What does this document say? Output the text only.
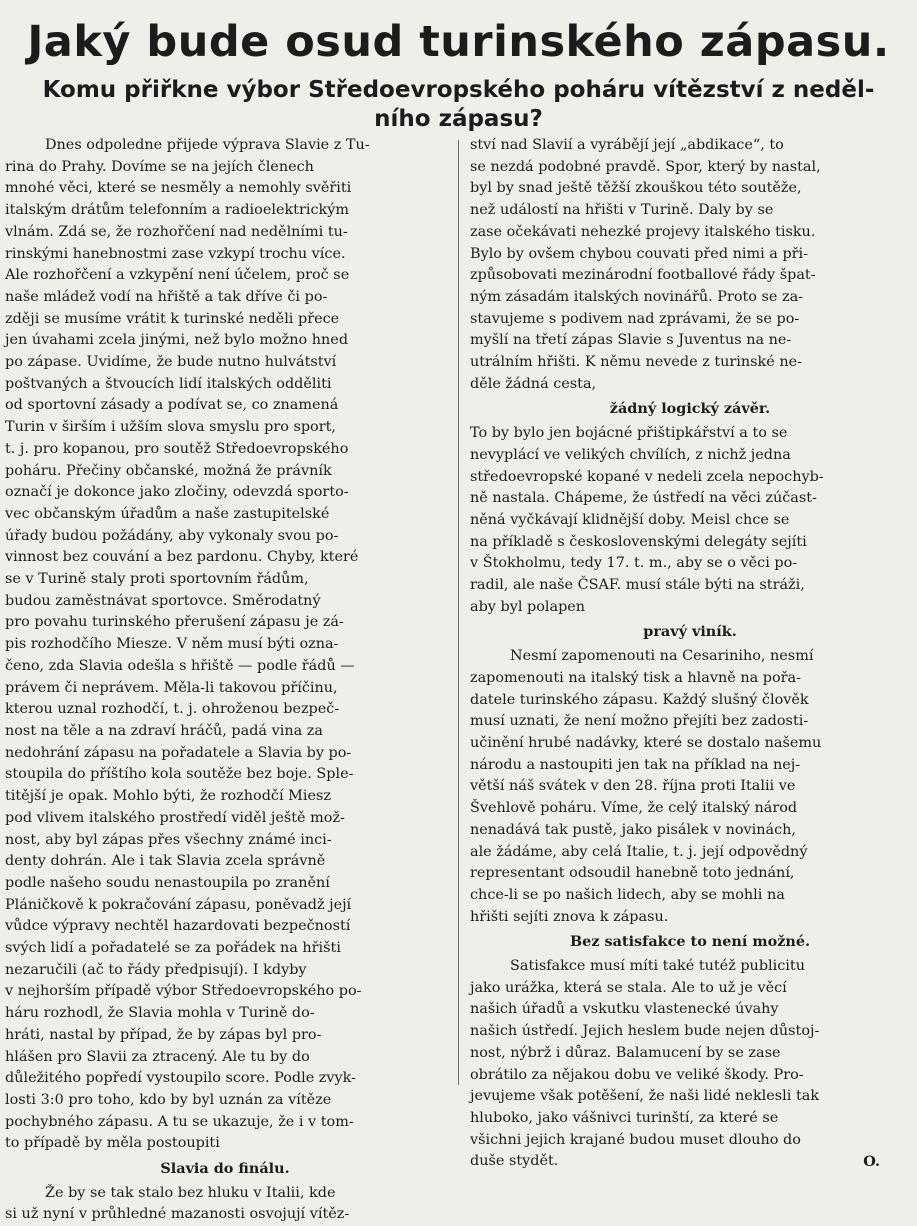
Jaký bude osud turinského zápasu.
Komu přiřkne výbor Středoevropského poháru vítězství z neděl-
ního zápasu?

Dnes odpoledne přijede výprava Slavie z Tu-
rina do Prahy. Dovíme se na jejích členech
mnohé věci, které se nesměly a nemohly svěřiti
italským drátům telefonním a radioelektrickým
vlnám. Zdá se, že rozhořčení nad nedělními tu-
rinskými hanebnostmi zase vzkypí trochu více.
Ale rozhořčení a vzkypění není účelem, proč se
naše mládež vodí na hřiště a tak dříve či po-
zději se musíme vrátit k turinské neděli přece
jen úvahami zcela jinými, než bylo možno hned
po zápase. Uvidíme, že bude nutno hulvátství
poštvaných a štvoucích lidí italských odděliti
od sportovní zásady a podívat se, co znamená
Turin v širším i užším slova smyslu pro sport,
t. j. pro kopanou, pro soutěž Středoevropského
poháru. Přečiny občanské, možná že právník
označí je dokonce jako zločiny, odevzdá sporto-
vec občanským úřadům a naše zastupitelské
úřady budou požádány, aby vykonaly svou po-
vinnost bez couvání a bez pardonu. Chyby, které
se v Turině staly proti sportovním řádům,
budou zaměstnávat sportovce. Směrodatný
pro povahu turinského přerušení zápasu je zá-
pis rozhodčího Miesze. V něm musí býti ozna-
čeno, zda Slavia odešla s hřiště — podle řádů —
právem či neprávem. Měla-li takovou příčinu,
kterou uznal rozhodčí, t. j. ohroženou bezpeč-
nost na těle a na zdraví hráčů, padá vina za
nedohrání zápasu na pořadatele a Slavia by po-
stoupila do příštího kola soutěže bez boje. Sple-
titější je opak. Mohlo býti, že rozhodčí Miesz
pod vlivem italského prostředí viděl ještě mož-
nost, aby byl zápas přes všechny známé inci-
denty dohrán. Ale i tak Slavia zcela správně
podle našeho soudu nenastoupila po zranění
Pláničkově k pokračování zápasu, poněvadž její
vůdce výpravy nechtěl hazardovati bezpečností
svých lidí a pořadatelé se za pořádek na hřišti
nezaručili (ač to řády předpisují). I kdyby
v nejhorším případě výbor Středoevropského po-
háru rozhodl, že Slavia mohla v Turině do-
hráti, nastal by případ, že by zápas byl pro-
hlášen pro Slavii za ztracený. Ale tu by do
důležitého popředí vystoupilo score. Podle zvyk-
losti 3:0 pro toho, kdo by byl uznán za vítěze
pochybného zápasu. A tu se ukazuje, že i v tom-
to případě by měla postoupiti

Slavia do finálu.

Že by se tak stalo bez hluku v Italii, kde
si už nyní v průhledné mazanosti osvojují vítěz-

ství nad Slavií a vyrábějí její „abdikace“, to
se nezdá podobné pravdě. Spor, který by nastal,
byl by snad ještě těžší zkouškou této soutěže,
než událostí na hřišti v Turině. Daly by se
zase očekávati nehezké projevy italského tisku.
Bylo by ovšem chybou couvati před nimi a při-
způsobovati mezinárodní footballové řády špat-
ným zásadám italských novinářů. Proto se za-
stavujeme s podivem nad zprávami, že se po-
myšlí na třetí zápas Slavie s Juventus na ne-
utrálním hřišti. K němu nevede z turinské ne-
děle žádná cesta,

žádný logický závěr.

To by bylo jen bojácné přištipkářství a to se
nevyplácí ve velikých chvílích, z nichž jedna
středoevropské kopané v nedeli zcela nepochyb-
ně nastala. Chápeme, že ústředí na věci zúčast-
něná vyčkávají klidnější doby. Meisl chce se
na příkladě s československými delegáty sejíti
v Štokholmu, tedy 17. t. m., aby se o věci po-
radil, ale naše ČSAF. musí stále býti na stráži,
aby byl polapen

pravý viník.

Nesmí zapomenouti na Cesariniho, nesmí
zapomenouti na italský tisk a hlavně na pořa-
datele turinského zápasu. Každý slušný člověk
musí uznati, že není možno přejíti bez zadosti-
učinění hrubé nadávky, které se dostalo našemu
národu a nastoupiti jen tak na příklad na nej-
větší náš svátek v den 28. října proti Italii ve
Švehlově poháru. Víme, že celý italský národ
nenadává tak pustě, jako pisálek v novinách,
ale žádáme, aby celá Italie, t. j. její odpovědný
representant odsoudil hanebně toto jednání,
chce-li se po našich lidech, aby se mohli na
hřišti sejíti znova k zápasu.

Bez satisfakce to není možné.

Satisfakce musí míti také tutéž publicitu
jako urážka, která se stala. Ale to už je věcí
našich úřadů a vskutku vlastenecké úvahy
našich ústředí. Jejich heslem bude nejen důstoj-
nost, nýbrž i důraz. Balamucení by se zase
obrátilo za nějakou dobu ve veliké škody. Pro-
jevujeme však potěšení, že naši lidé neklesli tak
hluboko, jako vášnivci turinští, za které se
všichni jejich krajané budou muset dlouho do

duše stydět.	O.
